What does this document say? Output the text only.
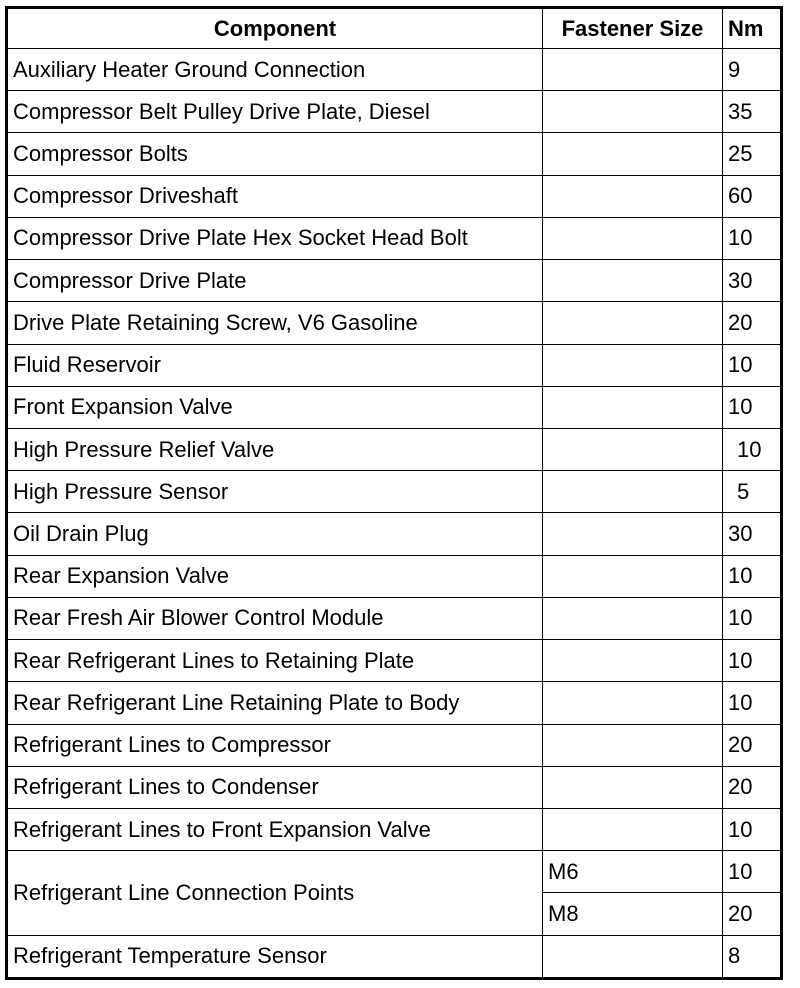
Component	Fastener Size	Nm
Auxiliary Heater Ground Connection		9
Compressor Belt Pulley Drive Plate, Diesel		35
Compressor Bolts		25
Compressor Driveshaft		60
Compressor Drive Plate Hex Socket Head Bolt		10
Compressor Drive Plate		30
Drive Plate Retaining Screw, V6 Gasoline		20
Fluid Reservoir		10
Front Expansion Valve		10
High Pressure Relief Valve		10
High Pressure Sensor		5
Oil Drain Plug		30
Rear Expansion Valve		10
Rear Fresh Air Blower Control Module		10
Rear Refrigerant Lines to Retaining Plate		10
Rear Refrigerant Line Retaining Plate to Body		10
Refrigerant Lines to Compressor		20
Refrigerant Lines to Condenser		20
Refrigerant Lines to Front Expansion Valve		10
Refrigerant Line Connection Points	M6	10
	M8	20
Refrigerant Temperature Sensor		8
